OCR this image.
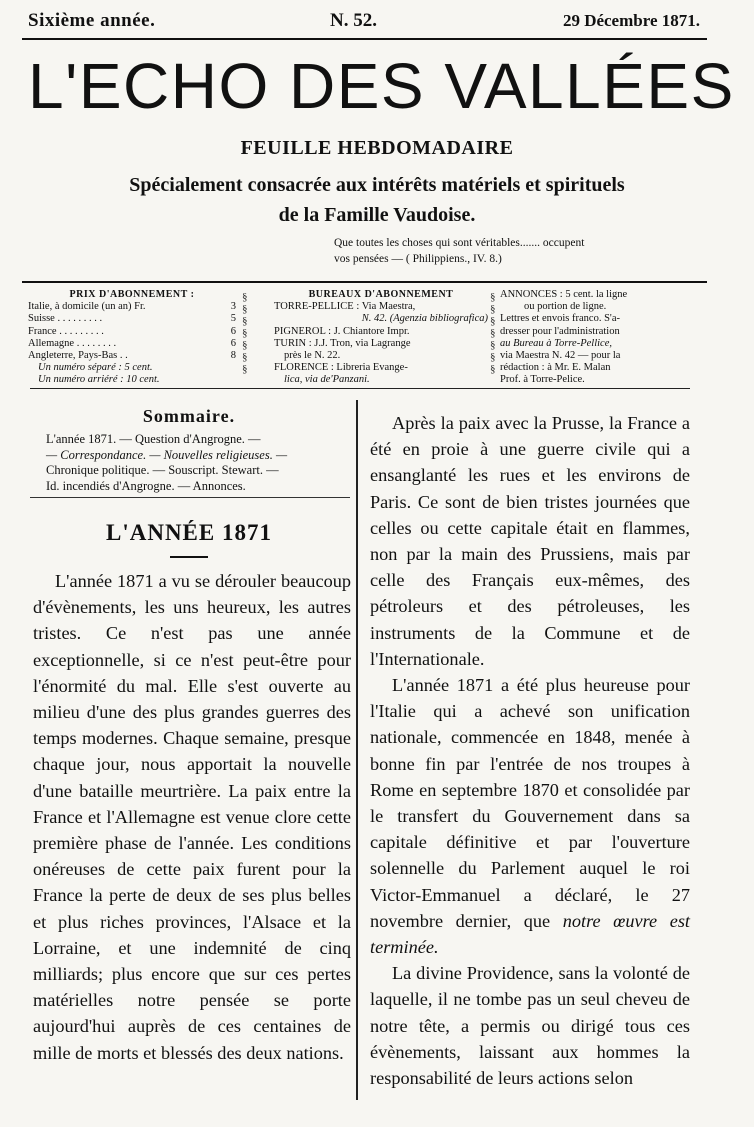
Sixième année.	N. 52.	29 Décembre 1871.
L'ECHO DES VALLÉES
FEUILLE HEBDOMADAIRE
Spécialement consacrée aux intérêts matériels et spirituels
de la Famille Vaudoise.
Que toutes les choses qui sont véritables....... occupent
vos pensées — ( Philippiens., IV. 8.)
PRIX D'ABONNEMENT :
Italie, à domicile (un an) Fr.	3
Suisse . . . . . . . . .	5
France . . . . . . . . .	6
Allemagne . . . . . . . .	6
Angleterre, Pays-Bas . .	8
Un numéro séparé : 5 cent.
Un numéro arriéré : 10 cent.
§
§
§
§
§
§
§
BUREAUX D'ABONNEMENT
TORRE-PELLICE : Via Maestra,
N. 42. (Agenzia bibliografica)
PIGNEROL : J. Chiantore Impr.
TURIN : J.J. Tron, via Lagrange
près le N. 22.
FLORENCE : Libreria Evange-
lica, via de'Panzani.
§
§
§
§
§
§
§
ANNONCES : 5 cent. la ligne
ou portion de ligne.
Lettres et envois franco. S'a-
dresser pour l'administration
au Bureau à Torre-Pellice,
via Maestra N. 42 — pour la
rédaction : à Mr. E. Malan
Prof. à Torre-Pelice.
Sommaire.
L'année 1871. — Question d'Angrogne. —
— Correspondance. — Nouvelles religieuses. —
Chronique politique. — Souscript. Stewart. —
Id. incendiés d'Angrogne. — Annonces.
L'ANNÉE 1871

L'année 1871 a vu se dérouler beaucoup d'évènements, les uns heureux, les autres tristes. Ce n'est pas une année exceptionnelle, si ce n'est peut-être pour l'énormité du mal. Elle s'est ouverte au milieu d'une des plus grandes guerres des temps modernes. Chaque semaine, presque chaque jour, nous apportait la nouvelle d'une bataille meurtrière. La paix entre la France et l'Allemagne est venue clore cette première phase de l'année. Les conditions onéreuses de cette paix furent pour la France la perte de deux de ses plus belles et plus riches provinces, l'Alsace et la Lorraine, et une indemnité de cinq milliards; plus encore que sur ces pertes matérielles notre pensée se porte aujourd'hui auprès de ces centaines de mille de morts et blessés des deux nations.

Après la paix avec la Prusse, la France a été en proie à une guerre civile qui a ensanglanté les rues et les environs de Paris. Ce sont de bien tristes journées que celles ou cette capitale était en flammes, non par la main des Prussiens, mais par celle des Français eux-mêmes, des pétroleurs et des pétroleuses, les instruments de la Commune et de l'Internationale.

L'année 1871 a été plus heureuse pour l'Italie qui a achevé son unification nationale, commencée en 1848, menée à bonne fin par l'entrée de nos troupes à Rome en septembre 1870 et consolidée par le transfert du Gouvernement dans sa capitale définitive et par l'ouverture solennelle du Parlement auquel le roi Victor-Emmanuel a déclaré, le 27 novembre dernier, que notre œuvre est terminée.

La divine Providence, sans la volonté de laquelle, il ne tombe pas un seul cheveu de notre tête, a permis ou dirigé tous ces évènements, laissant aux hommes la responsabilité de leurs actions selon
